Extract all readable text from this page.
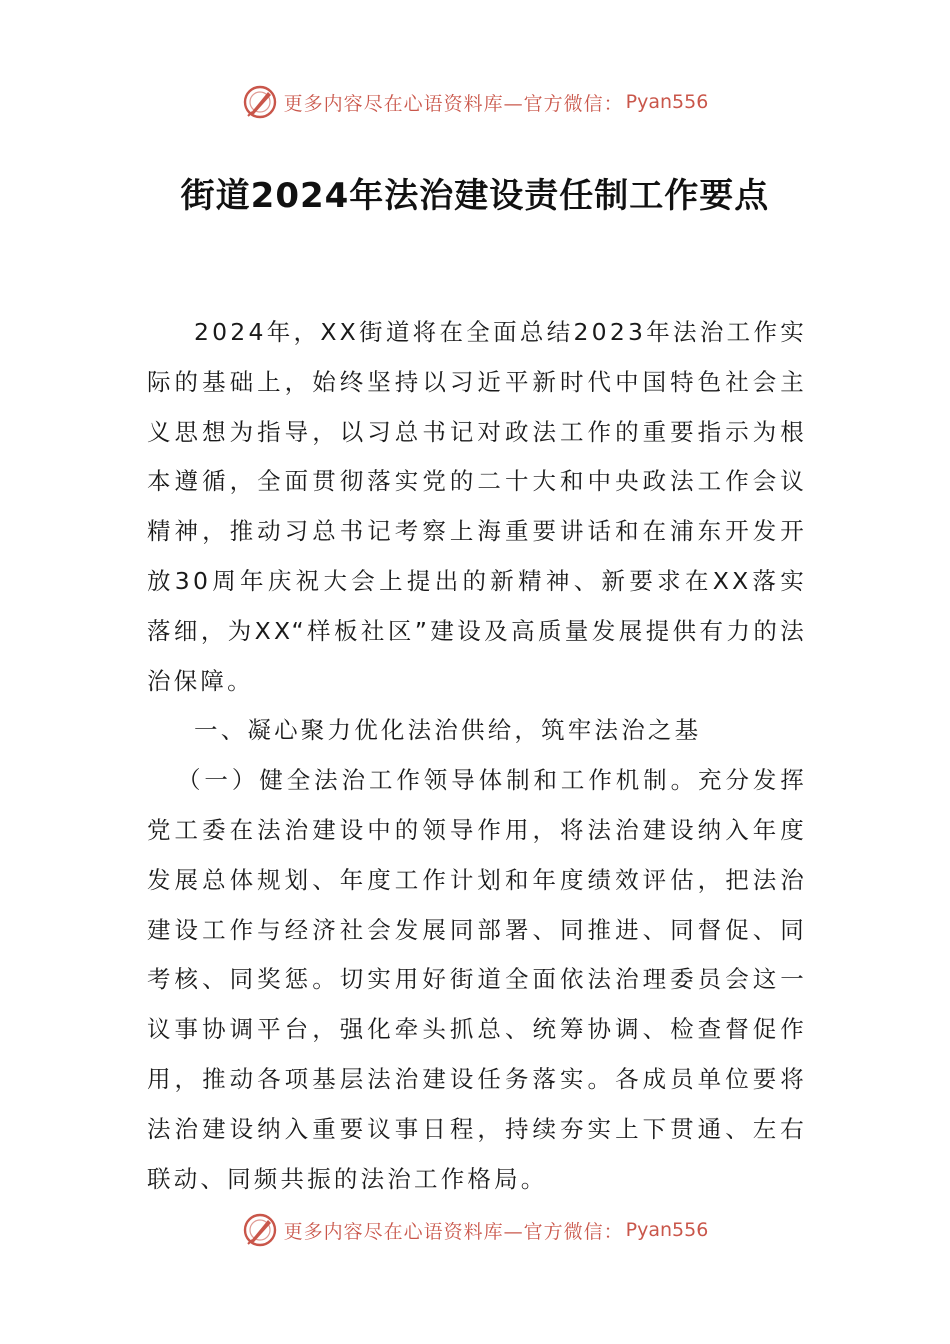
更多内容尽在心语资料库—官方微信： Pyan556
街道2024年法治建设责任制工作要点

2024年，XX街道将在全面总结2023年法治工作实际的基础上，始终坚持以习近平新时代中国特色社会主义思想为指导，以习总书记对政法工作的重要指示为根本遵循，全面贯彻落实党的二十大和中央政法工作会议精神，推动习总书记考察上海重要讲话和在浦东开发开放30周年庆祝大会上提出的新精神、新要求在XX落实落细，为XX“样板社区”建设及高质量发展提供有力的法治保障。

一、凝心聚力优化法治供给，筑牢法治之基

（一）健全法治工作领导体制和工作机制。充分发挥党工委在法治建设中的领导作用，将法治建设纳入年度发展总体规划、年度工作计划和年度绩效评估，把法治建设工作与经济社会发展同部署、同推进、同督促、同考核、同奖惩。切实用好街道全面依法治理委员会这一议事协调平台，强化牵头抓总、统筹协调、检查督促作用，推动各项基层法治建设任务落实。各成员单位要将法治建设纳入重要议事日程，持续夯实上下贯通、左右联动、同频共振的法治工作格局。

更多内容尽在心语资料库—官方微信： Pyan556
